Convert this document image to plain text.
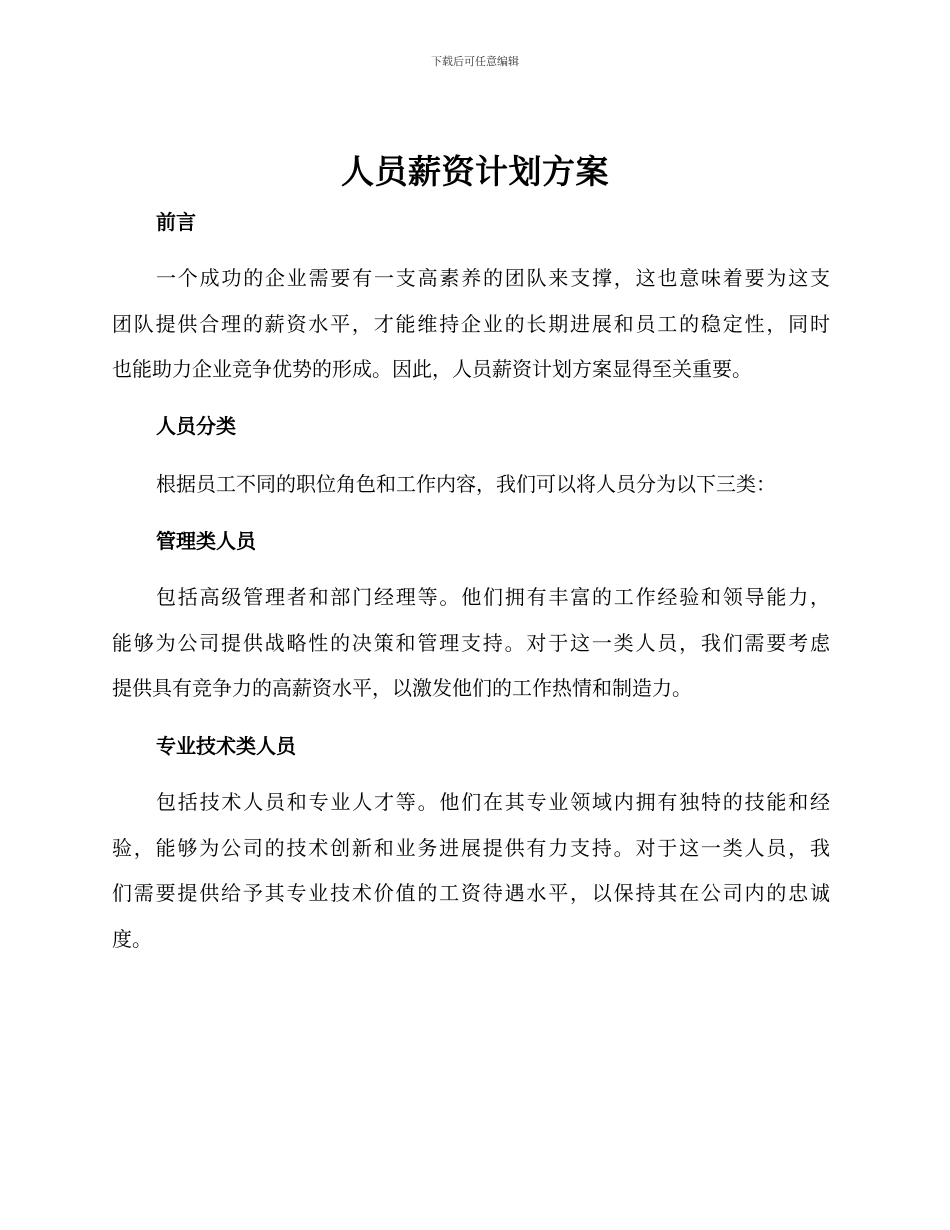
下载后可任意编辑
人员薪资计划方案
前言
一个成功的企业需要有一支高素养的团队来支撑，这也意味着要为这支
团队提供合理的薪资水平，才能维持企业的长期进展和员工的稳定性，同时
也能助力企业竞争优势的形成。因此，人员薪资计划方案显得至关重要。
人员分类
根据员工不同的职位角色和工作内容，我们可以将人员分为以下三类：
管理类人员
包括高级管理者和部门经理等。他们拥有丰富的工作经验和领导能力，
能够为公司提供战略性的决策和管理支持。对于这一类人员，我们需要考虑
提供具有竞争力的高薪资水平，以激发他们的工作热情和制造力。
专业技术类人员
包括技术人员和专业人才等。他们在其专业领域内拥有独特的技能和经
验，能够为公司的技术创新和业务进展提供有力支持。对于这一类人员，我
们需要提供给予其专业技术价值的工资待遇水平，以保持其在公司内的忠诚
度。
